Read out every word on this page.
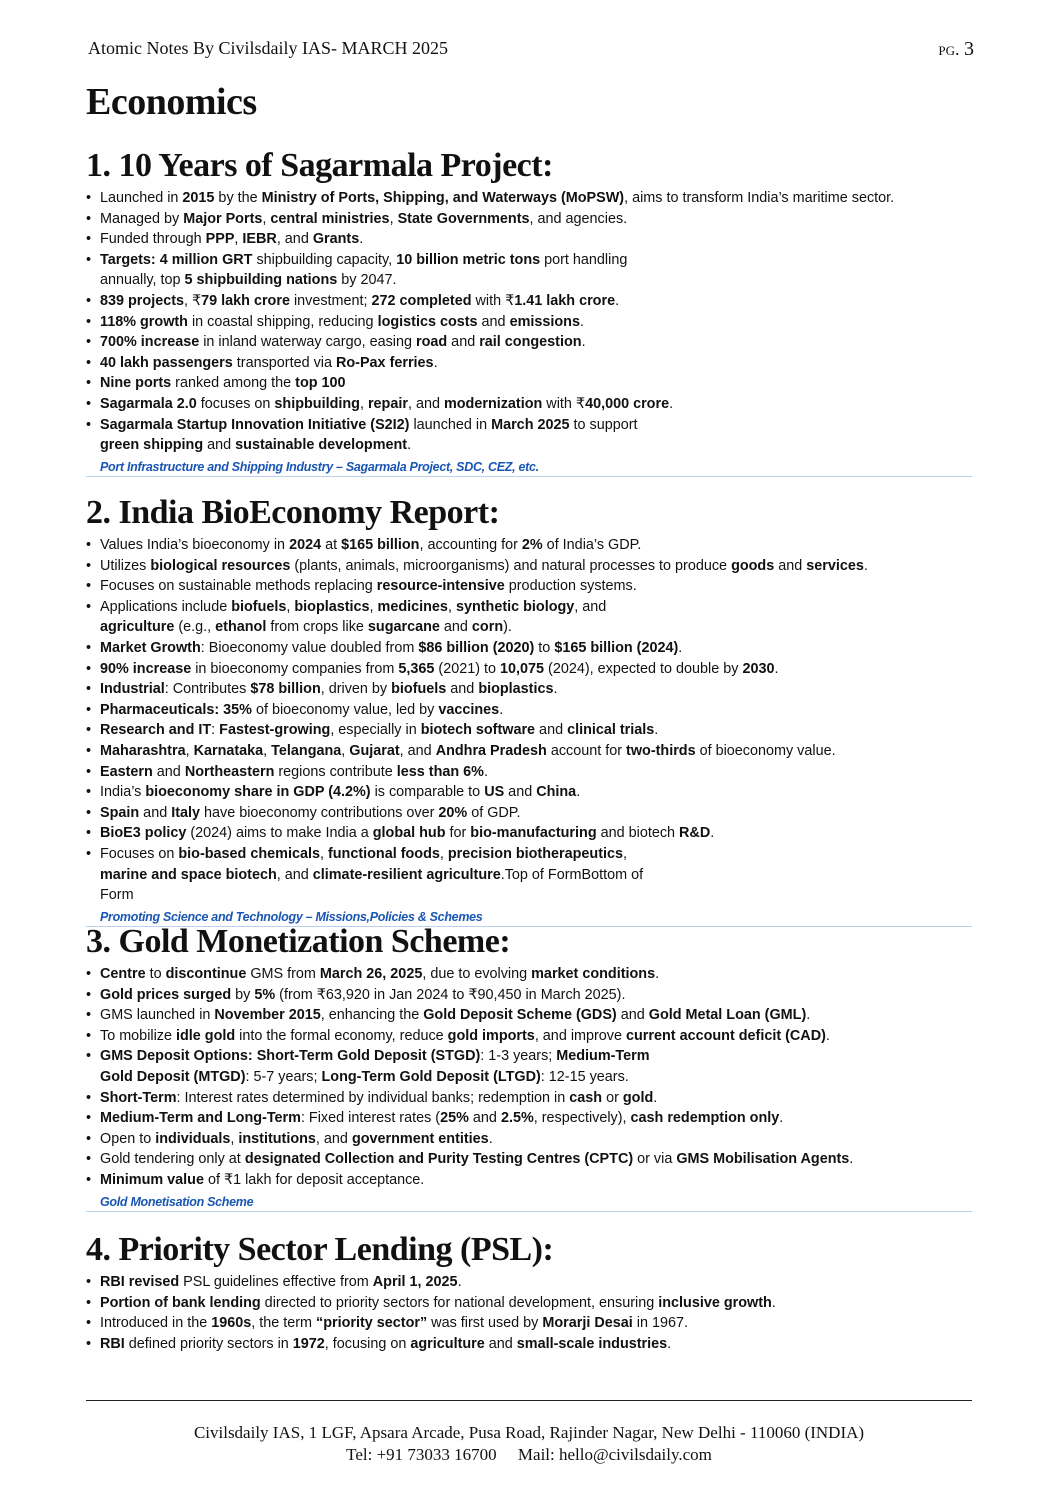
Atomic Notes By Civilsdaily IAS- MARCH 2025	pg. 3
Economics
1. 10 Years of Sagarmala Project:
• Launched in 2015 by the Ministry of Ports, Shipping, and Waterways (MoPSW), aims to transform India’s maritime sector.
• Managed by Major Ports, central ministries, State Governments, and agencies.
• Funded through PPP, IEBR, and Grants.
• Targets: 4 million GRT shipbuilding capacity, 10 billion metric tons port handling annually, top 5 shipbuilding nations by 2047.
• 839 projects, ₹79 lakh crore investment; 272 completed with ₹1.41 lakh crore.
• 118% growth in coastal shipping, reducing logistics costs and emissions.
• 700% increase in inland waterway cargo, easing road and rail congestion.
• 40 lakh passengers transported via Ro-Pax ferries.
• Nine ports ranked among the top 100
• Sagarmala 2.0 focuses on shipbuilding, repair, and modernization with ₹40,000 crore.
• Sagarmala Startup Innovation Initiative (S2I2) launched in March 2025 to support green shipping and sustainable development.
Port Infrastructure and Shipping Industry – Sagarmala Project, SDC, CEZ, etc.
2. India BioEconomy Report:
• Values India’s bioeconomy in 2024 at $165 billion, accounting for 2% of India’s GDP.
• Utilizes biological resources (plants, animals, microorganisms) and natural processes to produce goods and services.
• Focuses on sustainable methods replacing resource-intensive production systems.
• Applications include biofuels, bioplastics, medicines, synthetic biology, and agriculture (e.g., ethanol from crops like sugarcane and corn).
• Market Growth: Bioeconomy value doubled from $86 billion (2020) to $165 billion (2024).
• 90% increase in bioeconomy companies from 5,365 (2021) to 10,075 (2024), expected to double by 2030.
• Industrial: Contributes $78 billion, driven by biofuels and bioplastics.
• Pharmaceuticals: 35% of bioeconomy value, led by vaccines.
• Research and IT: Fastest-growing, especially in biotech software and clinical trials.
• Maharashtra, Karnataka, Telangana, Gujarat, and Andhra Pradesh account for two-thirds of bioeconomy value.
• Eastern and Northeastern regions contribute less than 6%.
• India’s bioeconomy share in GDP (4.2%) is comparable to US and China.
• Spain and Italy have bioeconomy contributions over 20% of GDP.
• BioE3 policy (2024) aims to make India a global hub for bio-manufacturing and biotech R&D.
• Focuses on bio-based chemicals, functional foods, precision biotherapeutics, marine and space biotech, and climate-resilient agriculture.Top of FormBottom of Form
Promoting Science and Technology – Missions,Policies & Schemes
3. Gold Monetization Scheme:
• Centre to discontinue GMS from March 26, 2025, due to evolving market conditions.
• Gold prices surged by 5% (from ₹63,920 in Jan 2024 to ₹90,450 in March 2025).
• GMS launched in November 2015, enhancing the Gold Deposit Scheme (GDS) and Gold Metal Loan (GML).
• To mobilize idle gold into the formal economy, reduce gold imports, and improve current account deficit (CAD).
• GMS Deposit Options: Short-Term Gold Deposit (STGD): 1-3 years; Medium-Term Gold Deposit (MTGD): 5-7 years; Long-Term Gold Deposit (LTGD): 12-15 years.
• Short-Term: Interest rates determined by individual banks; redemption in cash or gold.
• Medium-Term and Long-Term: Fixed interest rates (25% and 2.5%, respectively), cash redemption only.
• Open to individuals, institutions, and government entities.
• Gold tendering only at designated Collection and Purity Testing Centres (CPTC) or via GMS Mobilisation Agents.
• Minimum value of ₹1 lakh for deposit acceptance.
Gold Monetisation Scheme
4. Priority Sector Lending (PSL):
• RBI revised PSL guidelines effective from April 1, 2025.
• Portion of bank lending directed to priority sectors for national development, ensuring inclusive growth.
• Introduced in the 1960s, the term “priority sector” was first used by Morarji Desai in 1967.
• RBI defined priority sectors in 1972, focusing on agriculture and small-scale industries.
Civilsdaily IAS, 1 LGF, Apsara Arcade, Pusa Road, Rajinder Nagar, New Delhi - 110060 (INDIA)
Tel: +91 73033 16700 Mail: hello@civilsdaily.com
